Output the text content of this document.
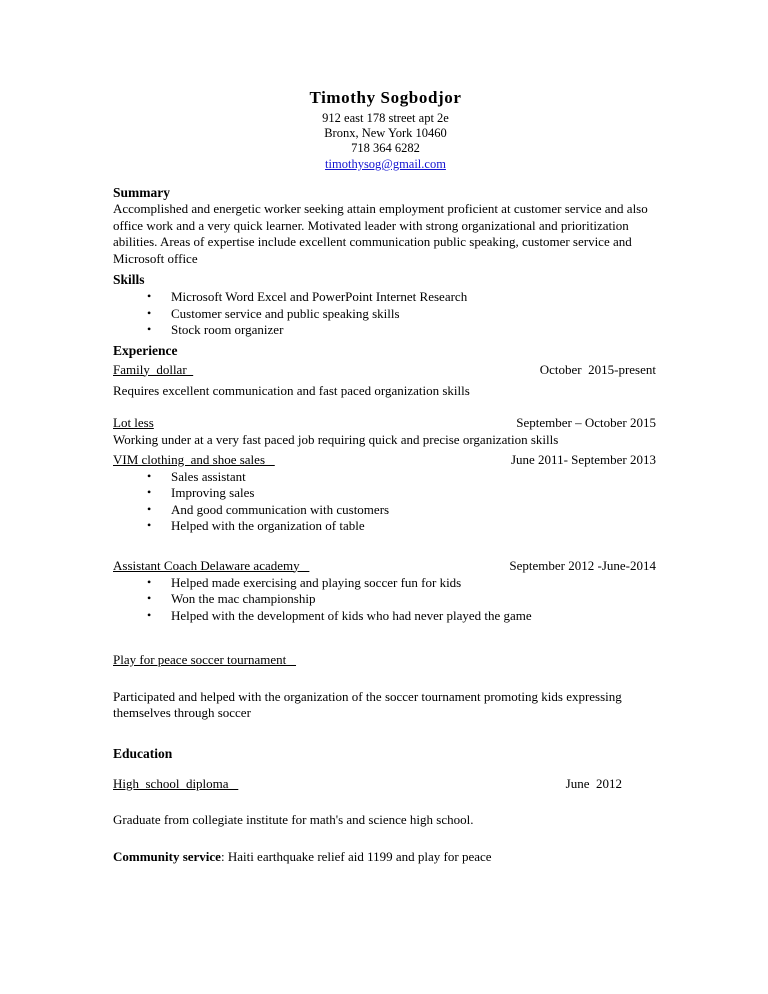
Timothy Sogbodjor
912 east 178 street apt 2e
Bronx, New York 10460
718 364 6282
timothysog@gmail.com
Summary

Accomplished and energetic worker seeking attain employment proficient at customer service and also office work and a very quick learner. Motivated leader with strong organizational and prioritization abilities. Areas of expertise include excellent communication public speaking, customer service and Microsoft office

Skills
• Microsoft Word Excel and PowerPoint Internet Research
• Customer service and public speaking skills
• Stock room organizer
Experience
Family  dollar	October  2015-present

Requires excellent communication and fast paced organization skills

Lot less	September – October 2015

Working under at a very fast paced job requiring quick and precise organization skills

VIM clothing  and shoe sales	June 2011- September 2013
• Sales assistant
• Improving sales
• And good communication with customers
• Helped with the organization of table
Assistant Coach Delaware academy	September 2012 -June-2014
• Helped made exercising and playing soccer fun for kids
• Won the mac championship
• Helped with the development of kids who had never played the game
Play for peace soccer tournament

Participated and helped with the organization of the soccer tournament promoting kids expressing themselves through soccer

Education
High  school  diploma	June  2012

Graduate from collegiate institute for math's and science high school.

Community service: Haiti earthquake relief aid 1199 and play for peace
